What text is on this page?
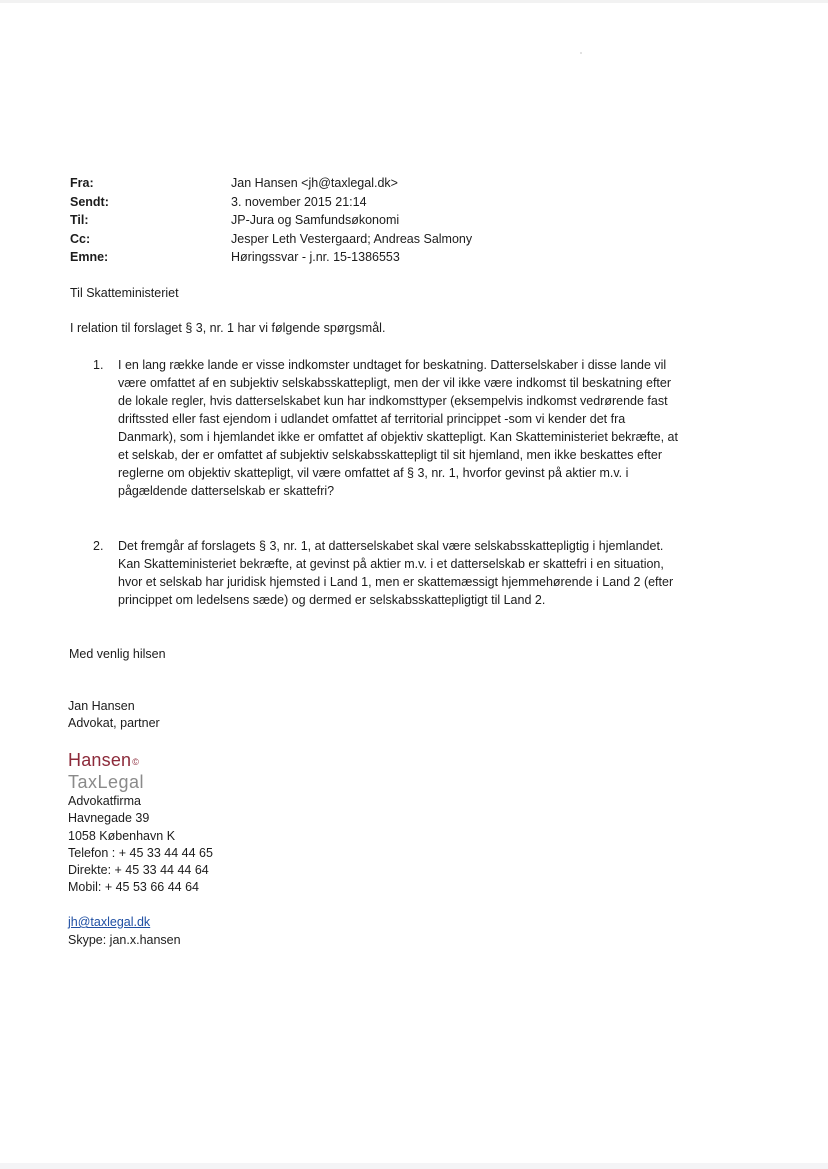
Fra:	Jan Hansen <jh@taxlegal.dk>
Sendt:	3. november 2015 21:14
Til:	JP-Jura og Samfundsøkonomi
Cc:	Jesper Leth Vestergaard; Andreas Salmony
Emne:	Høringssvar - j.nr. 15-1386553
Til Skatteministeriet
I relation til forslaget § 3, nr. 1 har vi følgende spørgsmål.
1.	I en lang række lande er visse indkomster undtaget for beskatning. Datterselskaber i disse lande vil
være omfattet af en subjektiv selskabsskattepligt, men der vil ikke være indkomst til beskatning efter
de lokale regler, hvis datterselskabet kun har indkomsttyper (eksempelvis indkomst vedrørende fast
driftssted eller fast ejendom i udlandet omfattet af territorial princippet -som vi kender det fra
Danmark), som i hjemlandet ikke er omfattet af objektiv skattepligt. Kan Skatteministeriet bekræfte, at
et selskab, der er omfattet af subjektiv selskabsskattepligt til sit hjemland, men ikke beskattes efter
reglerne om objektiv skattepligt, vil være omfattet af § 3, nr. 1, hvorfor gevinst på aktier m.v. i
pågældende datterselskab er skattefri?
2.	Det fremgår af forslagets § 3, nr. 1, at datterselskabet skal være selskabsskattepligtig i hjemlandet.
Kan Skatteministeriet bekræfte, at gevinst på aktier m.v. i et datterselskab er skattefri i en situation,
hvor et selskab har juridisk hjemsted i Land 1, men er skattemæssigt hjemmehørende i Land 2 (efter
princippet om ledelsens sæde) og dermed er selskabsskattepligtigt til Land 2.
Med venlig hilsen
Jan Hansen
Advokat, partner
Hansen©
TaxLegal
Advokatfirma
Havnegade 39
1058 København K
Telefon : + 45 33 44 44 65
Direkte: + 45 33 44 44 64
Mobil: + 45 53 66 44 64
jh@taxlegal.dk
Skype: jan.x.hansen
